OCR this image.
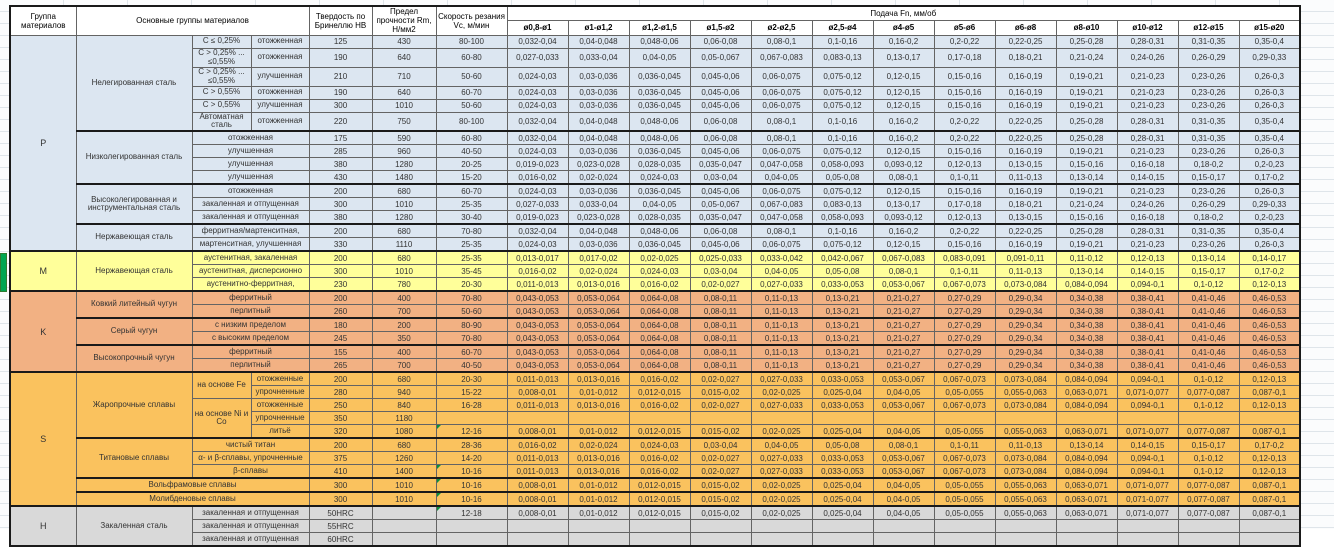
Группа материалов	Основные группы материалов			Твердость по Бринеллю НВ	Предел прочности Rm, Н/мм2	Скорость резания Vc, м/мин	Подача Fn, мм/об												
							ø0,8-ø1	ø1-ø1,2	ø1,2-ø1,5	ø1,5-ø2	ø2-ø2,5	ø2,5-ø4	ø4-ø5	ø5-ø6	ø6-ø8	ø8-ø10	ø10-ø12	ø12-ø15	ø15-ø20
P	Нелегированная сталь	C ≤ 0,25%	отожженная	125	430	80-100	0,032-0,04	0,04-0,048	0,048-0,06	0,06-0,08	0,08-0,1	0,1-0,16	0,16-0,2	0,2-0,22	0,22-0,25	0,25-0,28	0,28-0,31	0,31-0,35	0,35-0,4
		C > 0,25% ... ≤0,55%	отожженная	190	640	60-80	0,027-0,033	0,033-0,04	0,04-0,05	0,05-0,067	0,067-0,083	0,083-0,13	0,13-0,17	0,17-0,18	0,18-0,21	0,21-0,24	0,24-0,26	0,26-0,29	0,29-0,33
		C > 0,25% ... ≤0,55%	улучшенная	210	710	50-60	0,024-0,03	0,03-0,036	0,036-0,045	0,045-0,06	0,06-0,075	0,075-0,12	0,12-0,15	0,15-0,16	0,16-0,19	0,19-0,21	0,21-0,23	0,23-0,26	0,26-0,3
		C > 0,55%	отожженная	190	640	60-70	0,024-0,03	0,03-0,036	0,036-0,045	0,045-0,06	0,06-0,075	0,075-0,12	0,12-0,15	0,15-0,16	0,16-0,19	0,19-0,21	0,21-0,23	0,23-0,26	0,26-0,3
		C > 0,55%	улучшенная	300	1010	50-60	0,024-0,03	0,03-0,036	0,036-0,045	0,045-0,06	0,06-0,075	0,075-0,12	0,12-0,15	0,15-0,16	0,16-0,19	0,19-0,21	0,21-0,23	0,23-0,26	0,26-0,3
		Автоматная сталь	отожженная	220	750	80-100	0,032-0,04	0,04-0,048	0,048-0,06	0,06-0,08	0,08-0,1	0,1-0,16	0,16-0,2	0,2-0,22	0,22-0,25	0,25-0,28	0,28-0,31	0,31-0,35	0,35-0,4
	Низколегированная сталь	отожженная		175	590	60-80	0,032-0,04	0,04-0,048	0,048-0,06	0,06-0,08	0,08-0,1	0,1-0,16	0,16-0,2	0,2-0,22	0,22-0,25	0,25-0,28	0,28-0,31	0,31-0,35	0,35-0,4
		улучшенная		285	960	40-50	0,024-0,03	0,03-0,036	0,036-0,045	0,045-0,06	0,06-0,075	0,075-0,12	0,12-0,15	0,15-0,16	0,16-0,19	0,19-0,21	0,21-0,23	0,23-0,26	0,26-0,3
		улучшенная		380	1280	20-25	0,019-0,023	0,023-0,028	0,028-0,035	0,035-0,047	0,047-0,058	0,058-0,093	0,093-0,12	0,12-0,13	0,13-0,15	0,15-0,16	0,16-0,18	0,18-0,2	0,2-0,23
		улучшенная		430	1480	15-20	0,016-0,02	0,02-0,024	0,024-0,03	0,03-0,04	0,04-0,05	0,05-0,08	0,08-0,1	0,1-0,11	0,11-0,13	0,13-0,14	0,14-0,15	0,15-0,17	0,17-0,2
	Высоколегированная и инструментальная сталь	отожженная		200	680	60-70	0,024-0,03	0,03-0,036	0,036-0,045	0,045-0,06	0,06-0,075	0,075-0,12	0,12-0,15	0,15-0,16	0,16-0,19	0,19-0,21	0,21-0,23	0,23-0,26	0,26-0,3
		закаленная и отпущенная		300	1010	25-35	0,027-0,033	0,033-0,04	0,04-0,05	0,05-0,067	0,067-0,083	0,083-0,13	0,13-0,17	0,17-0,18	0,18-0,21	0,21-0,24	0,24-0,26	0,26-0,29	0,29-0,33
		закаленная и отпущенная		380	1280	30-40	0,019-0,023	0,023-0,028	0,028-0,035	0,035-0,047	0,047-0,058	0,058-0,093	0,093-0,12	0,12-0,13	0,13-0,15	0,15-0,16	0,16-0,18	0,18-0,2	0,2-0,23
	Нержавеющая сталь	ферритная/мартенситная,		200	680	70-80	0,032-0,04	0,04-0,048	0,048-0,06	0,06-0,08	0,08-0,1	0,1-0,16	0,16-0,2	0,2-0,22	0,22-0,25	0,25-0,28	0,28-0,31	0,31-0,35	0,35-0,4
		мартенситная, улучшенная		330	1110	25-35	0,024-0,03	0,03-0,036	0,036-0,045	0,045-0,06	0,06-0,075	0,075-0,12	0,12-0,15	0,15-0,16	0,16-0,19	0,19-0,21	0,21-0,23	0,23-0,26	0,26-0,3
M	Нержавеющая сталь	аустенитная, закаленная		200	680	25-35	0,013-0,017	0,017-0,02	0,02-0,025	0,025-0,033	0,033-0,042	0,042-0,067	0,067-0,083	0,083-0,091	0,091-0,11	0,11-0,12	0,12-0,13	0,13-0,14	0,14-0,17
		аустенитная, дисперсионно		300	1010	35-45	0,016-0,02	0,02-0,024	0,024-0,03	0,03-0,04	0,04-0,05	0,05-0,08	0,08-0,1	0,1-0,11	0,11-0,13	0,13-0,14	0,14-0,15	0,15-0,17	0,17-0,2
		аустенитно-ферритная,		230	780	20-30	0,011-0,013	0,013-0,016	0,016-0,02	0,02-0,027	0,027-0,033	0,033-0,053	0,053-0,067	0,067-0,073	0,073-0,084	0,084-0,094	0,094-0,1	0,1-0,12	0,12-0,13
K	Ковкий литейный чугун	ферритный		200	400	70-80	0,043-0,053	0,053-0,064	0,064-0,08	0,08-0,11	0,11-0,13	0,13-0,21	0,21-0,27	0,27-0,29	0,29-0,34	0,34-0,38	0,38-0,41	0,41-0,46	0,46-0,53
		перлитный		260	700	50-60	0,043-0,053	0,053-0,064	0,064-0,08	0,08-0,11	0,11-0,13	0,13-0,21	0,21-0,27	0,27-0,29	0,29-0,34	0,34-0,38	0,38-0,41	0,41-0,46	0,46-0,53
	Серый чугун	с низким пределом		180	200	80-90	0,043-0,053	0,053-0,064	0,064-0,08	0,08-0,11	0,11-0,13	0,13-0,21	0,21-0,27	0,27-0,29	0,29-0,34	0,34-0,38	0,38-0,41	0,41-0,46	0,46-0,53
		с высоким пределом		245	350	70-80	0,043-0,053	0,053-0,064	0,064-0,08	0,08-0,11	0,11-0,13	0,13-0,21	0,21-0,27	0,27-0,29	0,29-0,34	0,34-0,38	0,38-0,41	0,41-0,46	0,46-0,53
	Высокопрочный чугун	ферритный		155	400	60-70	0,043-0,053	0,053-0,064	0,064-0,08	0,08-0,11	0,11-0,13	0,13-0,21	0,21-0,27	0,27-0,29	0,29-0,34	0,34-0,38	0,38-0,41	0,41-0,46	0,46-0,53
		перлитный		265	700	40-50	0,043-0,053	0,053-0,064	0,064-0,08	0,08-0,11	0,11-0,13	0,13-0,21	0,21-0,27	0,27-0,29	0,29-0,34	0,34-0,38	0,38-0,41	0,41-0,46	0,46-0,53
S	Жаропрочные сплавы	на основе Fe	отожженные	200	680	20-30	0,011-0,013	0,013-0,016	0,016-0,02	0,02-0,027	0,027-0,033	0,033-0,053	0,053-0,067	0,067-0,073	0,073-0,084	0,084-0,094	0,094-0,1	0,1-0,12	0,12-0,13
			упрочненные	280	940	15-22	0,008-0,01	0,01-0,012	0,012-0,015	0,015-0,02	0,02-0,025	0,025-0,04	0,04-0,05	0,05-0,055	0,055-0,063	0,063-0,071	0,071-0,077	0,077-0,087	0,087-0,1
		на основе Ni и Co	отожженные	250	840	16-28	0,011-0,013	0,013-0,016	0,016-0,02	0,02-0,027	0,027-0,033	0,033-0,053	0,053-0,067	0,067-0,073	0,073-0,084	0,084-0,094	0,094-0,1	0,1-0,12	0,12-0,13
			упрочненные	350	1180														
			литьё	320	1080	12-16	0,008-0,01	0,01-0,012	0,012-0,015	0,015-0,02	0,02-0,025	0,025-0,04	0,04-0,05	0,05-0,055	0,055-0,063	0,063-0,071	0,071-0,077	0,077-0,087	0,087-0,1
	Титановые сплавы	чистый титан		200	680	28-36	0,016-0,02	0,02-0,024	0,024-0,03	0,03-0,04	0,04-0,05	0,05-0,08	0,08-0,1	0,1-0,11	0,11-0,13	0,13-0,14	0,14-0,15	0,15-0,17	0,17-0,2
		α- и β-сплавы, упрочненные		375	1260	14-20	0,011-0,013	0,013-0,016	0,016-0,02	0,02-0,027	0,027-0,033	0,033-0,053	0,053-0,067	0,067-0,073	0,073-0,084	0,084-0,094	0,094-0,1	0,1-0,12	0,12-0,13
		β-сплавы		410	1400	10-16	0,011-0,013	0,013-0,016	0,016-0,02	0,02-0,027	0,027-0,033	0,033-0,053	0,053-0,067	0,067-0,073	0,073-0,084	0,084-0,094	0,094-0,1	0,1-0,12	0,12-0,13
	Вольфрамовые сплавы			300	1010	10-16	0,008-0,01	0,01-0,012	0,012-0,015	0,015-0,02	0,02-0,025	0,025-0,04	0,04-0,05	0,05-0,055	0,055-0,063	0,063-0,071	0,071-0,077	0,077-0,087	0,087-0,1
	Молибденовые сплавы			300	1010	10-16	0,008-0,01	0,01-0,012	0,012-0,015	0,015-0,02	0,02-0,025	0,025-0,04	0,04-0,05	0,05-0,055	0,055-0,063	0,063-0,071	0,071-0,077	0,077-0,087	0,087-0,1
H	Закаленная сталь	закаленная и отпущенная		50HRC		12-18	0,008-0,01	0,01-0,012	0,012-0,015	0,015-0,02	0,02-0,025	0,025-0,04	0,04-0,05	0,05-0,055	0,055-0,063	0,063-0,071	0,071-0,077	0,077-0,087	0,087-0,1
		закаленная и отпущенная		55HRC															
		закаленная и отпущенная		60HRC															
